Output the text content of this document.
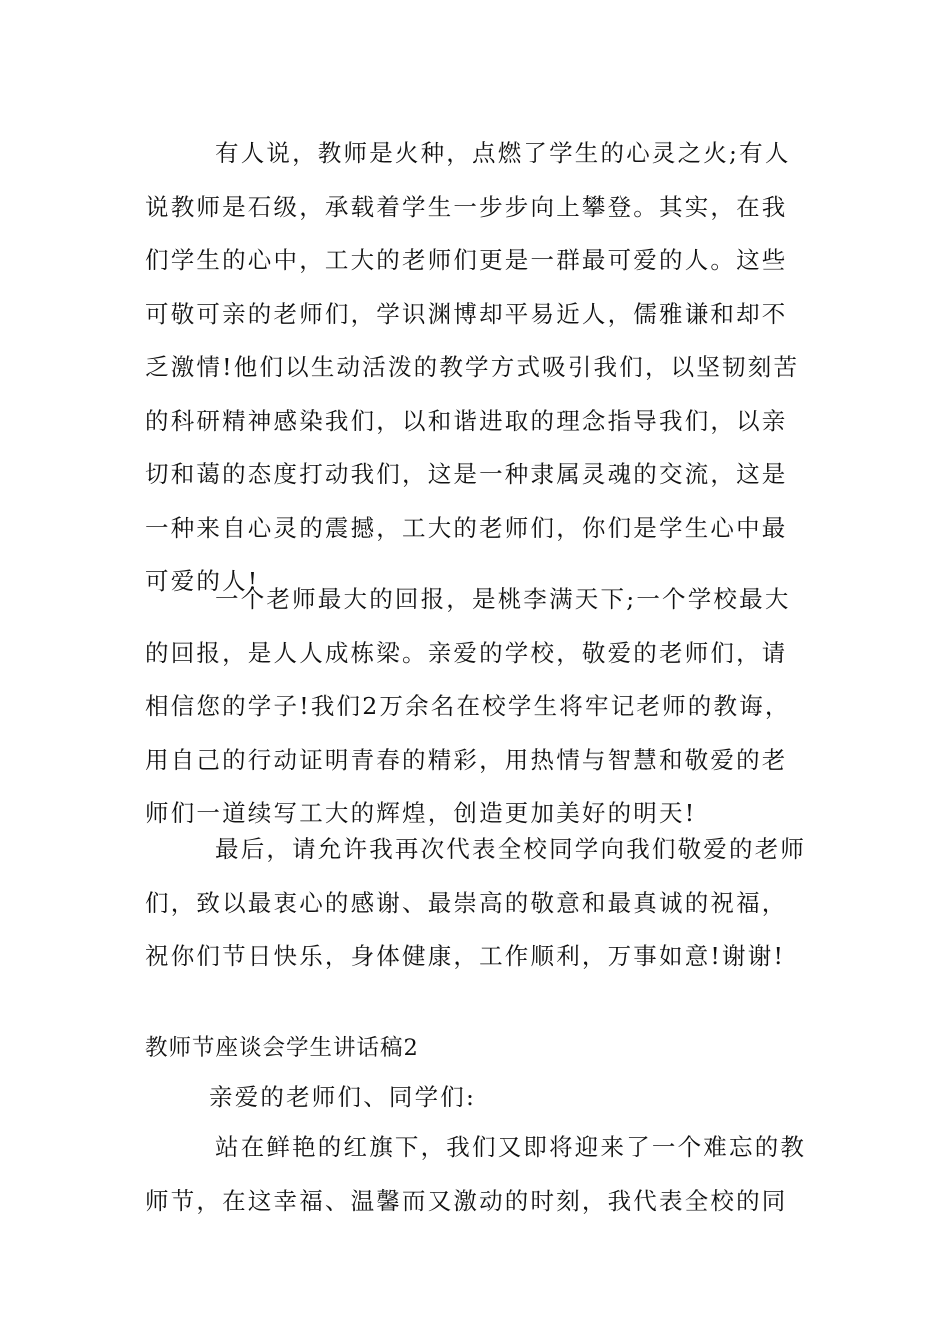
有人说，教师是火种，点燃了学生的心灵之火;有人
说教师是石级，承载着学生一步步向上攀登。其实，在我
们学生的心中，工大的老师们更是一群最可爱的人。这些
可敬可亲的老师们，学识渊博却平易近人，儒雅谦和却不
乏激情!他们以生动活泼的教学方式吸引我们，以坚韧刻苦
的科研精神感染我们，以和谐进取的理念指导我们，以亲
切和蔼的态度打动我们，这是一种隶属灵魂的交流，这是
一种来自心灵的震撼，工大的老师们，你们是学生心中最
可爱的人!
一个老师最大的回报，是桃李满天下;一个学校最大
的回报，是人人成栋梁。亲爱的学校，敬爱的老师们，请
相信您的学子!我们2万余名在校学生将牢记老师的教诲，
用自己的行动证明青春的精彩，用热情与智慧和敬爱的老
师们一道续写工大的辉煌，创造更加美好的明天!
最后，请允许我再次代表全校同学向我们敬爱的老师
们，致以最衷心的感谢、最崇高的敬意和最真诚的祝福，
祝你们节日快乐，身体健康，工作顺利，万事如意!谢谢!
教师节座谈会学生讲话稿2
亲爱的老师们、同学们:
站在鲜艳的红旗下，我们又即将迎来了一个难忘的教
师节，在这幸福、温馨而又激动的时刻，我代表全校的同
